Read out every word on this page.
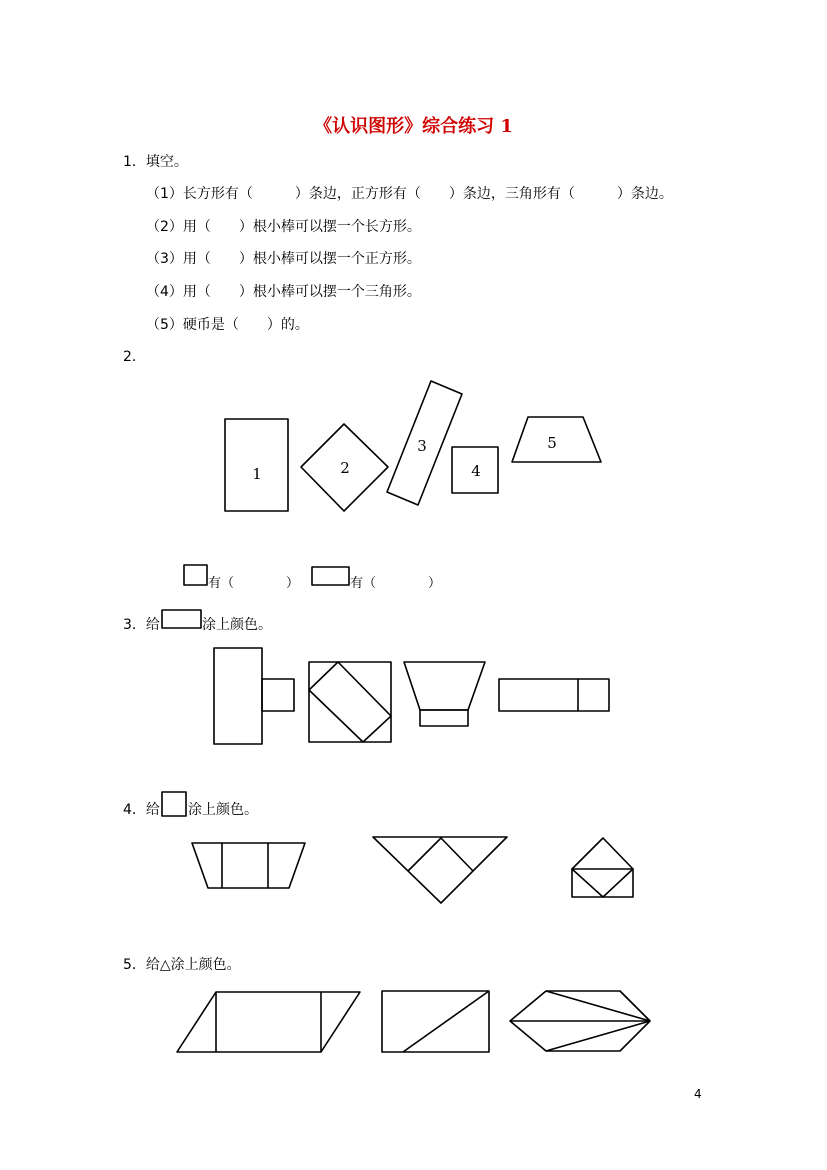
《认识图形》综合练习 1
1．填空。
（1）长方形有（　　　）条边，正方形有（　　）条边，三角形有（　　　）条边。
（2）用（　　）根小棒可以摆一个长方形。
（3）用（　　）根小棒可以摆一个正方形。
（4）用（　　）根小棒可以摆一个三角形。
（5）硬币是（　　）的。
2．
1	2
3
4
5
有（　　　　）	有（　　　　）
3．给	涂上颜色。
4．给 涂上颜色。
5．给△涂上颜色。
4
